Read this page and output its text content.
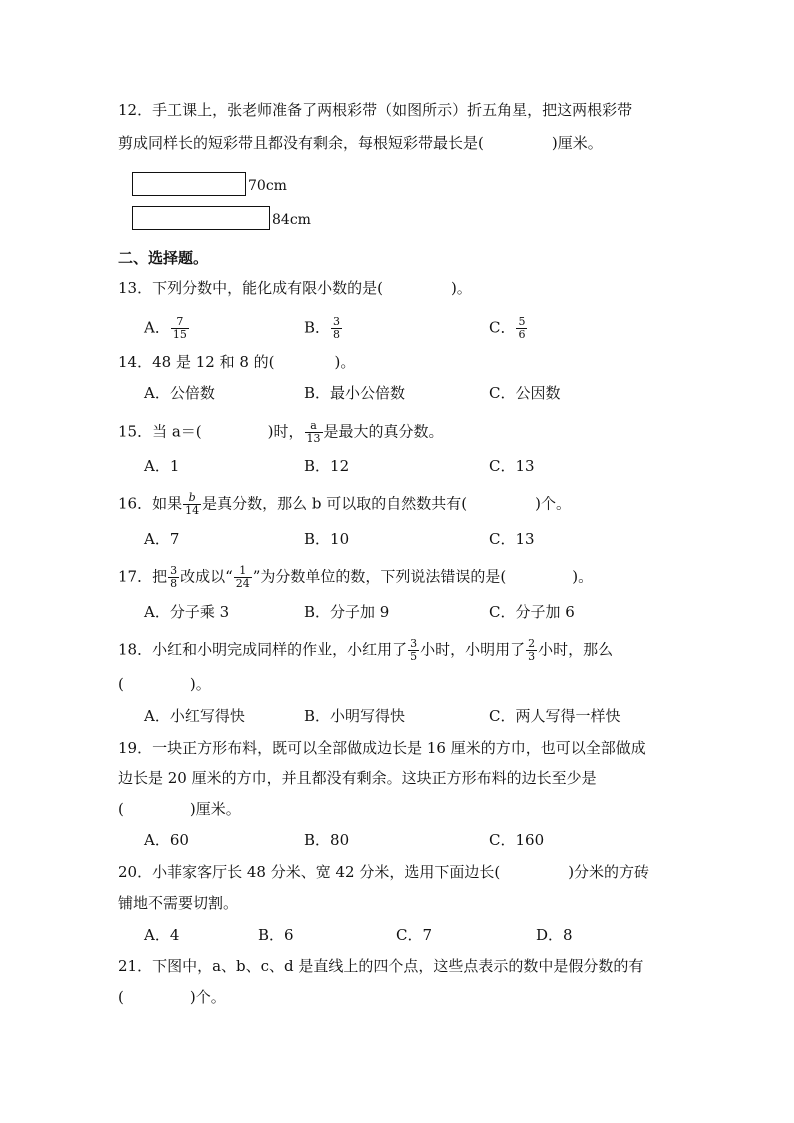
12．手工课上，张老师准备了两根彩带（如图所示）折五角星，把这两根彩带
剪成同样长的短彩带且都没有剩余，每根短彩带最长是(	)厘米。
70cm
84cm
二、选择题。
13．下列分数中，能化成有限小数的是(	)。
A． $\frac{7}{15}$	B． $\frac{3}{8}$	C． $\frac{5}{6}$
14．48 是 12 和 8 的(	)。
A．公倍数	B．最小公倍数	C．公因数
15．当 a＝(	)时， $\frac{a}{13}$ 是最大的真分数。
A．1	B．12	C．13
16．如果 $\frac{b}{14}$ 是真分数，那么 b 可以取的自然数共有(	)个。
A．7	B．10	C．13
17．把 $\frac{3}{8}$ 改成以“ $\frac{1}{24}$ ”为分数单位的数，下列说法错误的是(	)。
A．分子乘 3	B．分子加 9	C．分子加 6
18．小红和小明完成同样的作业，小红用了 $\frac{3}{5}$ 小时，小明用了 $\frac{2}{3}$ 小时，那么
(	)。
A．小红写得快	B．小明写得快	C．两人写得一样快
19．一块正方形布料，既可以全部做成边长是 16 厘米的方巾，也可以全部做成
边长是 20 厘米的方巾，并且都没有剩余。这块正方形布料的边长至少是
(	)厘米。
A．60	B．80	C．160
20．小菲家客厅长 48 分米、宽 42 分米，选用下面边长(	)分米的方砖
铺地不需要切割。
A．4	B．6	C．7	D．8
21．下图中，a、b、c、d 是直线上的四个点，这些点表示的数中是假分数的有
(	)个。
